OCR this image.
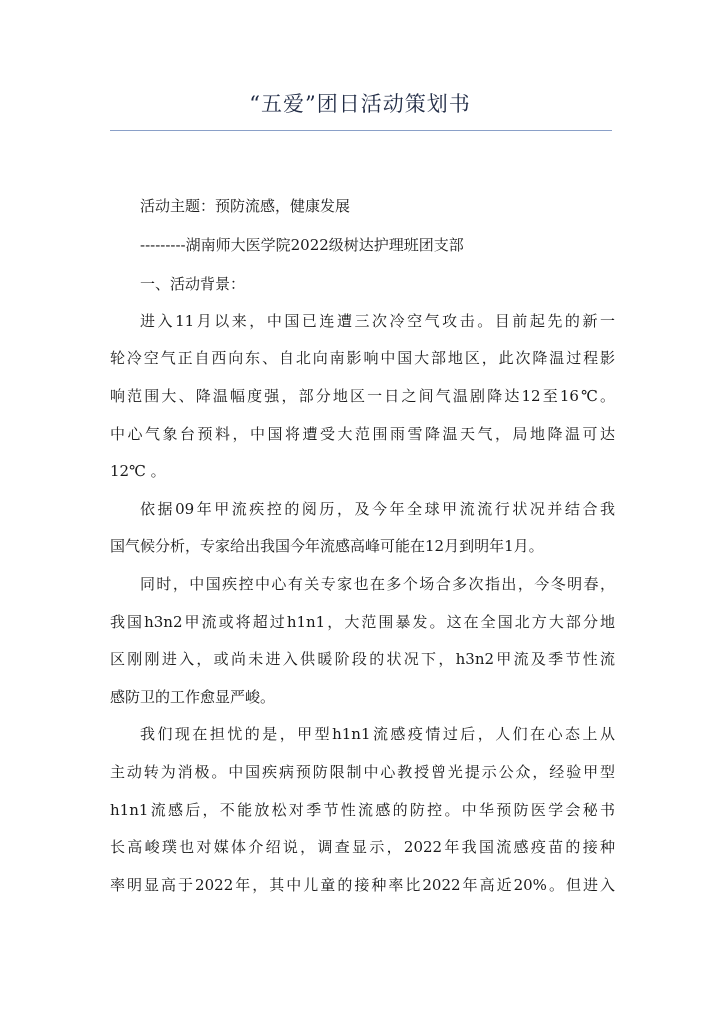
“五爱”团日活动策划书
活动主题：预防流感，健康发展
---------湖南师大医学院2022级树达护理班团支部
一、活动背景：
进入11月以来，中国已连遭三次冷空气攻击。目前起先的新一
轮冷空气正自西向东、自北向南影响中国大部地区，此次降温过程影
响范围大、降温幅度强，部分地区一日之间气温剧降达12至16℃。
中心气象台预料，中国将遭受大范围雨雪降温天气，局地降温可达
12℃ 。
依据09年甲流疾控的阅历，及今年全球甲流流行状况并结合我
国气候分析，专家给出我国今年流感高峰可能在12月到明年1月。
同时，中国疾控中心有关专家也在多个场合多次指出，今冬明春，
我国h3n2甲流或将超过h1n1，大范围暴发。这在全国北方大部分地
区刚刚进入，或尚未进入供暖阶段的状况下，h3n2甲流及季节性流
感防卫的工作愈显严峻。
我们现在担忧的是，甲型h1n1流感疫情过后，人们在心态上从
主动转为消极。中国疾病预防限制中心教授曾光提示公众，经验甲型
h1n1流感后，不能放松对季节性流感的防控。中华预防医学会秘书
长高峻璞也对媒体介绍说，调查显示，2022年我国流感疫苗的接种
率明显高于2022年，其中儿童的接种率比2022年高近20%。但进入
